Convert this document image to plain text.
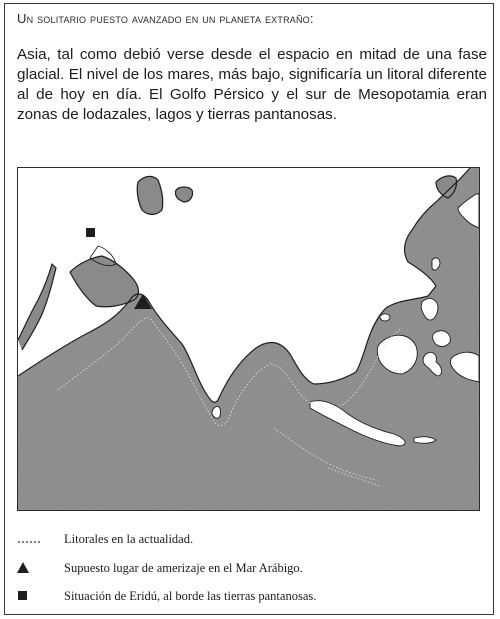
Un solitario puesto avanzado en un planeta extraño:
Asia, tal como debió verse desde el espacio en mitad de una fase glacial. El nivel de los mares, más bajo, significaría un litoral diferente al de hoy en día. El Golfo Pérsico y el sur de Mesopotamia eran zonas de lodazales, lagos y tierras pantanosas.
Litorales en la actualidad.
Supuesto lugar de amerizaje en el Mar Arábigo.
Situación de Eridú, al borde las tierras pantanosas.
